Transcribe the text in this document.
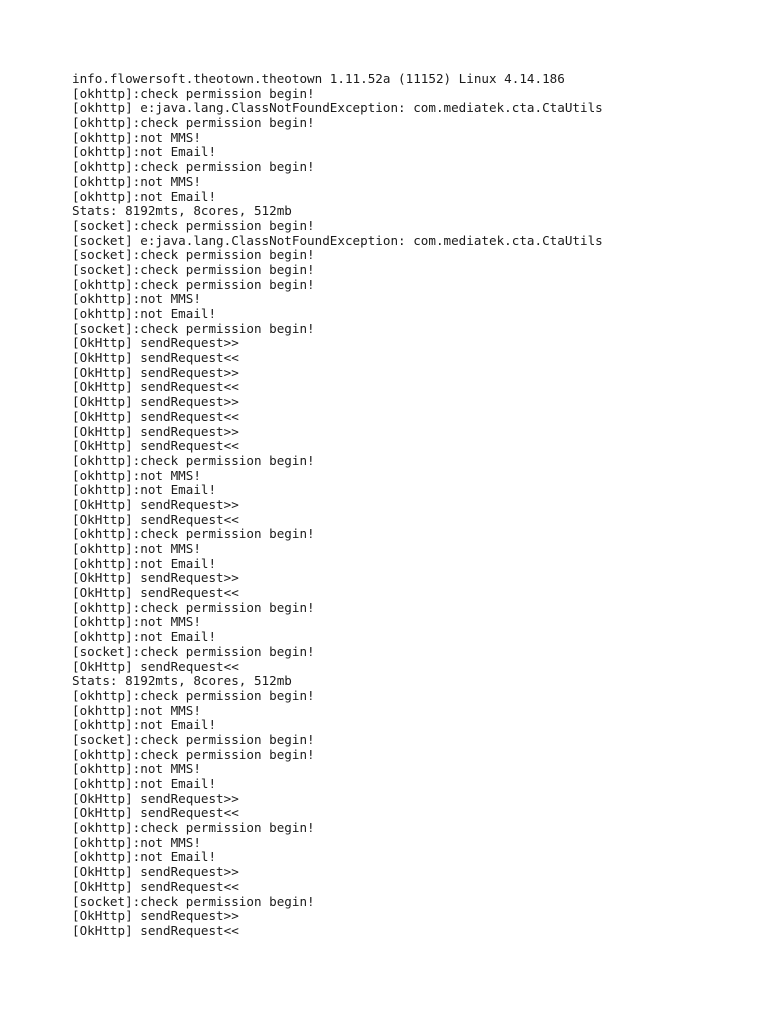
info.flowersoft.theotown.theotown 1.11.52a (11152) Linux 4.14.186
[okhttp]:check permission begin!
[okhttp] e:java.lang.ClassNotFoundException: com.mediatek.cta.CtaUtils
[okhttp]:check permission begin!
[okhttp]:not MMS!
[okhttp]:not Email!
[okhttp]:check permission begin!
[okhttp]:not MMS!
[okhttp]:not Email!
Stats: 8192mts, 8cores, 512mb
[socket]:check permission begin!
[socket] e:java.lang.ClassNotFoundException: com.mediatek.cta.CtaUtils
[socket]:check permission begin!
[socket]:check permission begin!
[okhttp]:check permission begin!
[okhttp]:not MMS!
[okhttp]:not Email!
[socket]:check permission begin!
[OkHttp] sendRequest>>
[OkHttp] sendRequest<<
[OkHttp] sendRequest>>
[OkHttp] sendRequest<<
[OkHttp] sendRequest>>
[OkHttp] sendRequest<<
[OkHttp] sendRequest>>
[OkHttp] sendRequest<<
[okhttp]:check permission begin!
[okhttp]:not MMS!
[okhttp]:not Email!
[OkHttp] sendRequest>>
[OkHttp] sendRequest<<
[okhttp]:check permission begin!
[okhttp]:not MMS!
[okhttp]:not Email!
[OkHttp] sendRequest>>
[OkHttp] sendRequest<<
[okhttp]:check permission begin!
[okhttp]:not MMS!
[okhttp]:not Email!
[socket]:check permission begin!
[OkHttp] sendRequest<<
Stats: 8192mts, 8cores, 512mb
[okhttp]:check permission begin!
[okhttp]:not MMS!
[okhttp]:not Email!
[socket]:check permission begin!
[okhttp]:check permission begin!
[okhttp]:not MMS!
[okhttp]:not Email!
[OkHttp] sendRequest>>
[OkHttp] sendRequest<<
[okhttp]:check permission begin!
[okhttp]:not MMS!
[okhttp]:not Email!
[OkHttp] sendRequest>>
[OkHttp] sendRequest<<
[socket]:check permission begin!
[OkHttp] sendRequest>>
[OkHttp] sendRequest<<
